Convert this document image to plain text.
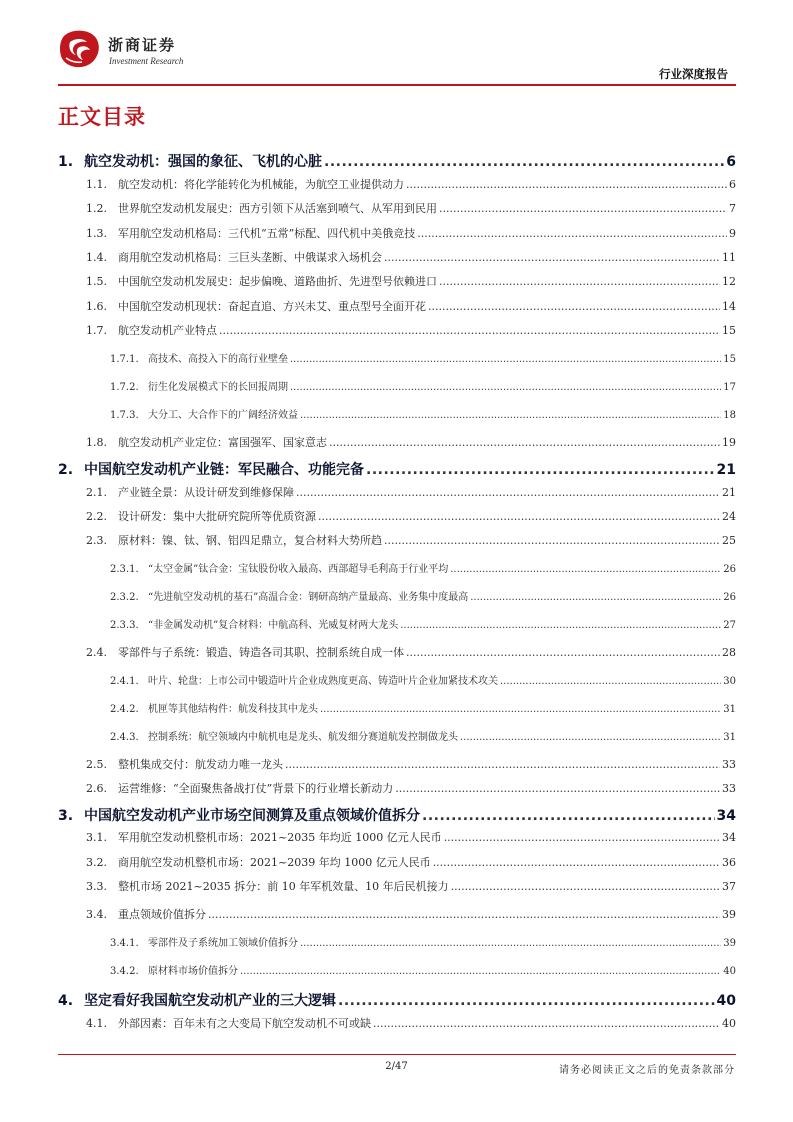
浙商证券
Investment Research
行业深度报告
正文目录
1. 航空发动机：强国的象征、飞机的心脏 .....	6
1.1.	航空发动机：将化学能转化为机械能，为航空工业提供动力 .....	6
1.2.	世界航空发动机发展史：西方引领下从活塞到喷气、从军用到民用 .....	7
1.3.	军用航空发动机格局：三代机“五常”标配、四代机中美俄竞技 .....	9
1.4.	商用航空发动机格局：三巨头垄断、中俄谋求入场机会 .....	11
1.5.	中国航空发动机发展史：起步偏晚、道路曲折、先进型号依赖进口 .....	12
1.6.	中国航空发动机现状：奋起直追、方兴未艾、重点型号全面开花 .....	14
1.7.	航空发动机产业特点 .....	15
1.7.1. 高技术、高投入下的高行业壁垒 .....	15
1.7.2. 衍生化发展模式下的长回报周期 .....	17
1.7.3. 大分工、大合作下的广阔经济效益 .....	18
1.8.	航空发动机产业定位：富国强军、国家意志 .....	19
2. 中国航空发动机产业链：军民融合、功能完备 .....	21
2.1.	产业链全景：从设计研发到维修保障 .....	21
2.2.	设计研发：集中大批研究院所等优质资源 .....	24
2.3.	原材料：镍、钛、钢、铝四足鼎立，复合材料大势所趋 .....	25
2.3.1. “太空金属”钛合金：宝钛股份收入最高、西部超导毛利高于行业平均 .....	26
2.3.2. “先进航空发动机的基石”高温合金：钢研高纳产量最高、业务集中度最高 .....	26
2.3.3. “非金属发动机”复合材料：中航高科、光威复材两大龙头 .....	27
2.4.	零部件与子系统：锻造、铸造各司其职、控制系统自成一体 .....	28
2.4.1. 叶片、轮盘：上市公司中锻造叶片企业成熟度更高、铸造叶片企业加紧技术攻关 .....	30
2.4.2. 机匣等其他结构件：航发科技其中龙头 .....	31
2.4.3. 控制系统：航空领域内中航机电是龙头、航发细分赛道航发控制做龙头 .....	31
2.5.	整机集成交付：航发动力唯一龙头 .....	33
2.6.	运营维修：“全面聚焦备战打仗”背景下的行业增长新动力 .....	33
3. 中国航空发动机产业市场空间测算及重点领域价值拆分 .....	34
3.1.	军用航空发动机整机市场：2021~2035 年均近 1000 亿元人民币 .....	34
3.2.	商用航空发动机整机市场：2021~2039 年均 1000 亿元人民币 .....	36
3.3.	整机市场 2021~2035 拆分：前 10 年军机效量、10 年后民机接力 .....	37
3.4.	重点领域价值拆分 .....	39
3.4.1. 零部件及子系统加工领域价值拆分 .....	39
3.4.2. 原材料市场价值拆分 .....	40
4. 坚定看好我国航空发动机产业的三大逻辑 .....	40
4.1.	外部因素：百年未有之大变局下航空发动机不可或缺 .....	40
2/47	请务必阅读正文之后的免责条款部分
